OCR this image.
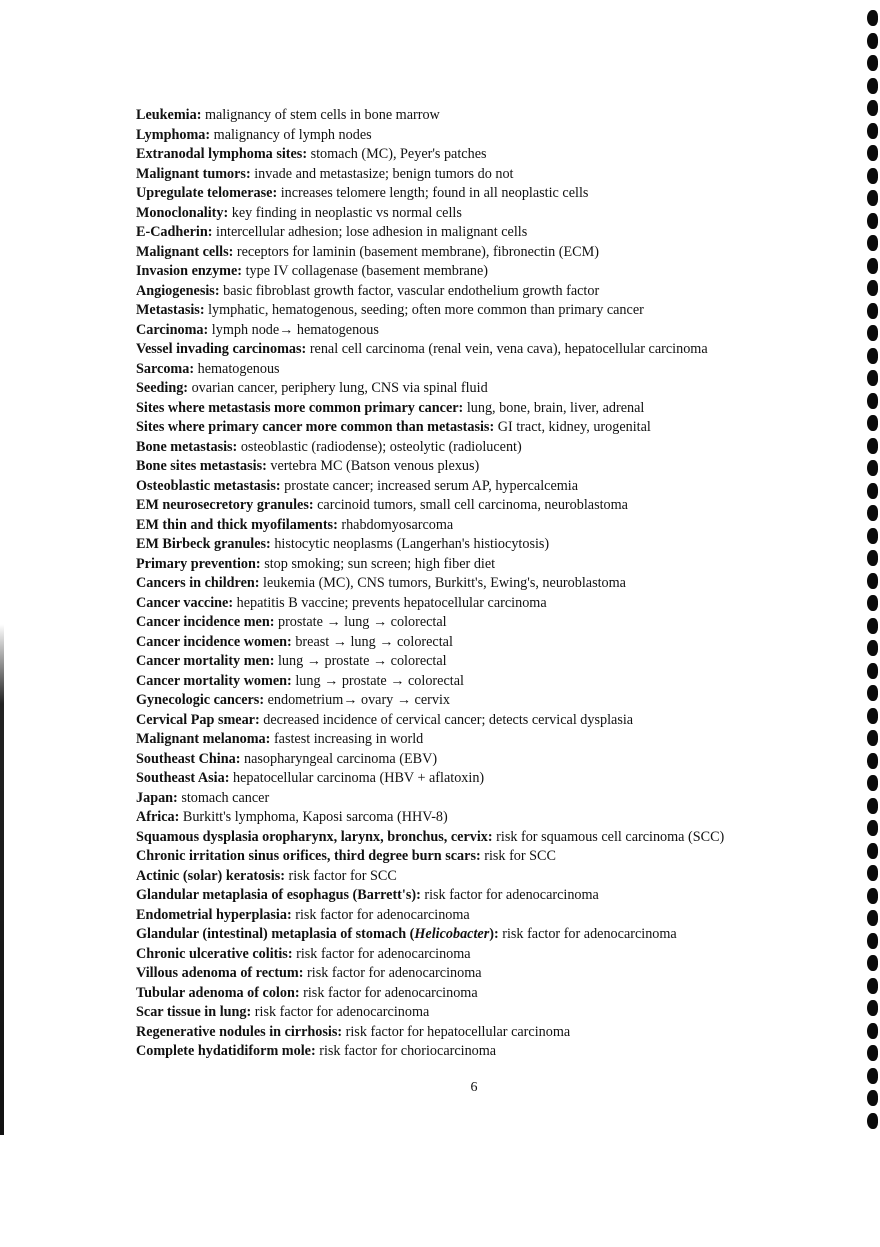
Leukemia: malignancy of stem cells in bone marrow
Lymphoma: malignancy of lymph nodes
Extranodal lymphoma sites: stomach (MC), Peyer's patches
Malignant tumors: invade and metastasize; benign tumors do not
Upregulate telomerase: increases telomere length; found in all neoplastic cells
Monoclonality: key finding in neoplastic vs normal cells
E-Cadherin: intercellular adhesion; lose adhesion in malignant cells
Malignant cells: receptors for laminin (basement membrane), fibronectin (ECM)
Invasion enzyme: type IV collagenase (basement membrane)
Angiogenesis: basic fibroblast growth factor, vascular endothelium growth factor
Metastasis: lymphatic, hematogenous, seeding; often more common than primary cancer
Carcinoma: lymph node→ hematogenous
Vessel invading carcinomas: renal cell carcinoma (renal vein, vena cava), hepatocellular carcinoma
Sarcoma: hematogenous
Seeding: ovarian cancer, periphery lung, CNS via spinal fluid
Sites where metastasis more common primary cancer: lung, bone, brain, liver, adrenal
Sites where primary cancer more common than metastasis: GI tract, kidney, urogenital
Bone metastasis: osteoblastic (radiodense); osteolytic (radiolucent)
Bone sites metastasis: vertebra MC (Batson venous plexus)
Osteoblastic metastasis: prostate cancer; increased serum AP, hypercalcemia
EM neurosecretory granules: carcinoid tumors, small cell carcinoma, neuroblastoma
EM thin and thick myofilaments: rhabdomyosarcoma
EM Birbeck granules: histocytic neoplasms (Langerhan's histiocytosis)
Primary prevention: stop smoking; sun screen; high fiber diet
Cancers in children: leukemia (MC), CNS tumors, Burkitt's, Ewing's, neuroblastoma
Cancer vaccine: hepatitis B vaccine; prevents hepatocellular carcinoma
Cancer incidence men: prostate → lung → colorectal
Cancer incidence women: breast → lung → colorectal
Cancer mortality men: lung → prostate → colorectal
Cancer mortality women: lung → prostate → colorectal
Gynecologic cancers: endometrium→ ovary → cervix
Cervical Pap smear: decreased incidence of cervical cancer; detects cervical dysplasia
Malignant melanoma: fastest increasing in world
Southeast China: nasopharyngeal carcinoma (EBV)
Southeast Asia: hepatocellular carcinoma (HBV + aflatoxin)
Japan: stomach cancer
Africa: Burkitt's lymphoma, Kaposi sarcoma (HHV-8)
Squamous dysplasia oropharynx, larynx, bronchus, cervix: risk for squamous cell carcinoma (SCC)
Chronic irritation sinus orifices, third degree burn scars: risk for SCC
Actinic (solar) keratosis: risk factor for SCC
Glandular metaplasia of esophagus (Barrett's): risk factor for adenocarcinoma
Endometrial hyperplasia: risk factor for adenocarcinoma
Glandular (intestinal) metaplasia of stomach (Helicobacter): risk factor for adenocarcinoma
Chronic ulcerative colitis: risk factor for adenocarcinoma
Villous adenoma of rectum: risk factor for adenocarcinoma
Tubular adenoma of colon: risk factor for adenocarcinoma
Scar tissue in lung: risk factor for adenocarcinoma
Regenerative nodules in cirrhosis: risk factor for hepatocellular carcinoma
Complete hydatidiform mole: risk factor for choriocarcinoma
6
